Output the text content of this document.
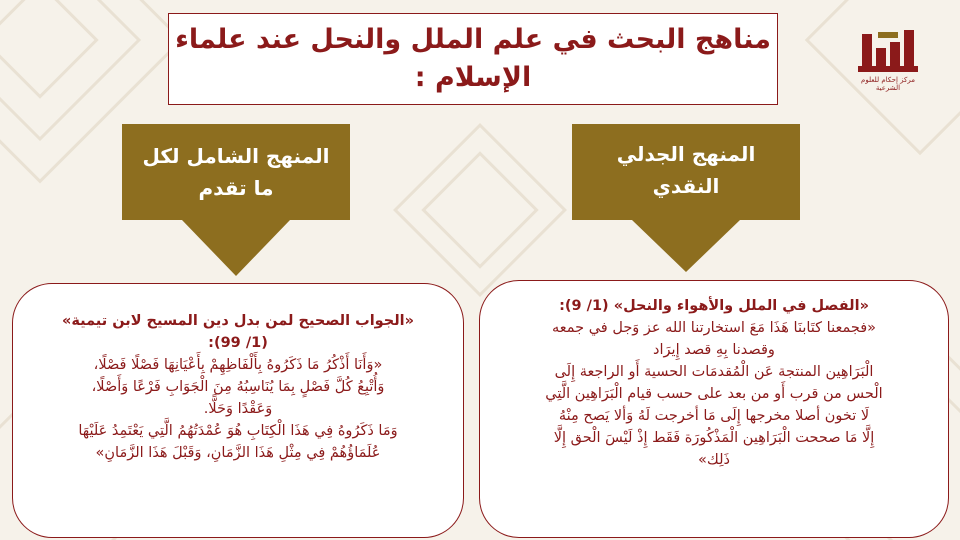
مناهج البحث في علم الملل والنحل عند علماء
الإسلام :	مركز إحكام للعلوم الشرعية
المنهج الشامل لكل
ما تقدم
المنهج الجدلي
النقدي

«الجواب الصحيح لمن بدل دين المسيح لابن تيمية»

(1/ 99):

«وَأَنَا أَذْكُرُ مَا ذَكَرُوهُ بِأَلْفَاظِهِمْ بِأَعْيَانِهَا فَصْلًا فَصْلًا،

وَأُتْبِعُ كُلَّ فَصْلٍ بِمَا يُنَاسِبُهُ مِنَ الْجَوَابِ فَرْعًا وَأَصْلًا،

وَعَقْدًا وَحَلًّا.

وَمَا ذَكَرُوهُ فِي هَذَا الْكِتَابِ هُوَ عُمْدَتُهُمُ الَّتِي يَعْتَمِدُ عَلَيْهَا

عُلَمَاؤُهُمْ فِي مِثْلِ هَذَا الزَّمَانِ، وَقَبْلَ هَذَا الزَّمَانِ»

«الفصل في الملل والأهواء والنحل» (1/ 9):

«فجمعنا كتَابنَا هَذَا مَعَ استخارتنا الله عز وَجل في جمعه

وقصدنا بِهِ قصد إِيرَاد

الْبَرَاهِين المنتجة عَن الْمُقدمَات الحسية أَو الراجعة إِلَى

الْحس من قرب أَو من بعد على حسب قيام الْبَرَاهِين الَّتِي

لَا تخون أصلا مخرجها إِلَى مَا أخرجت لَهُ وَألا يَصح مِنْهُ

إِلَّا مَا صححت الْبَرَاهِين الْمَذْكُورَة فَقَط إِذْ لَيْسَ الْحق إِلَّا

ذَلِك»
